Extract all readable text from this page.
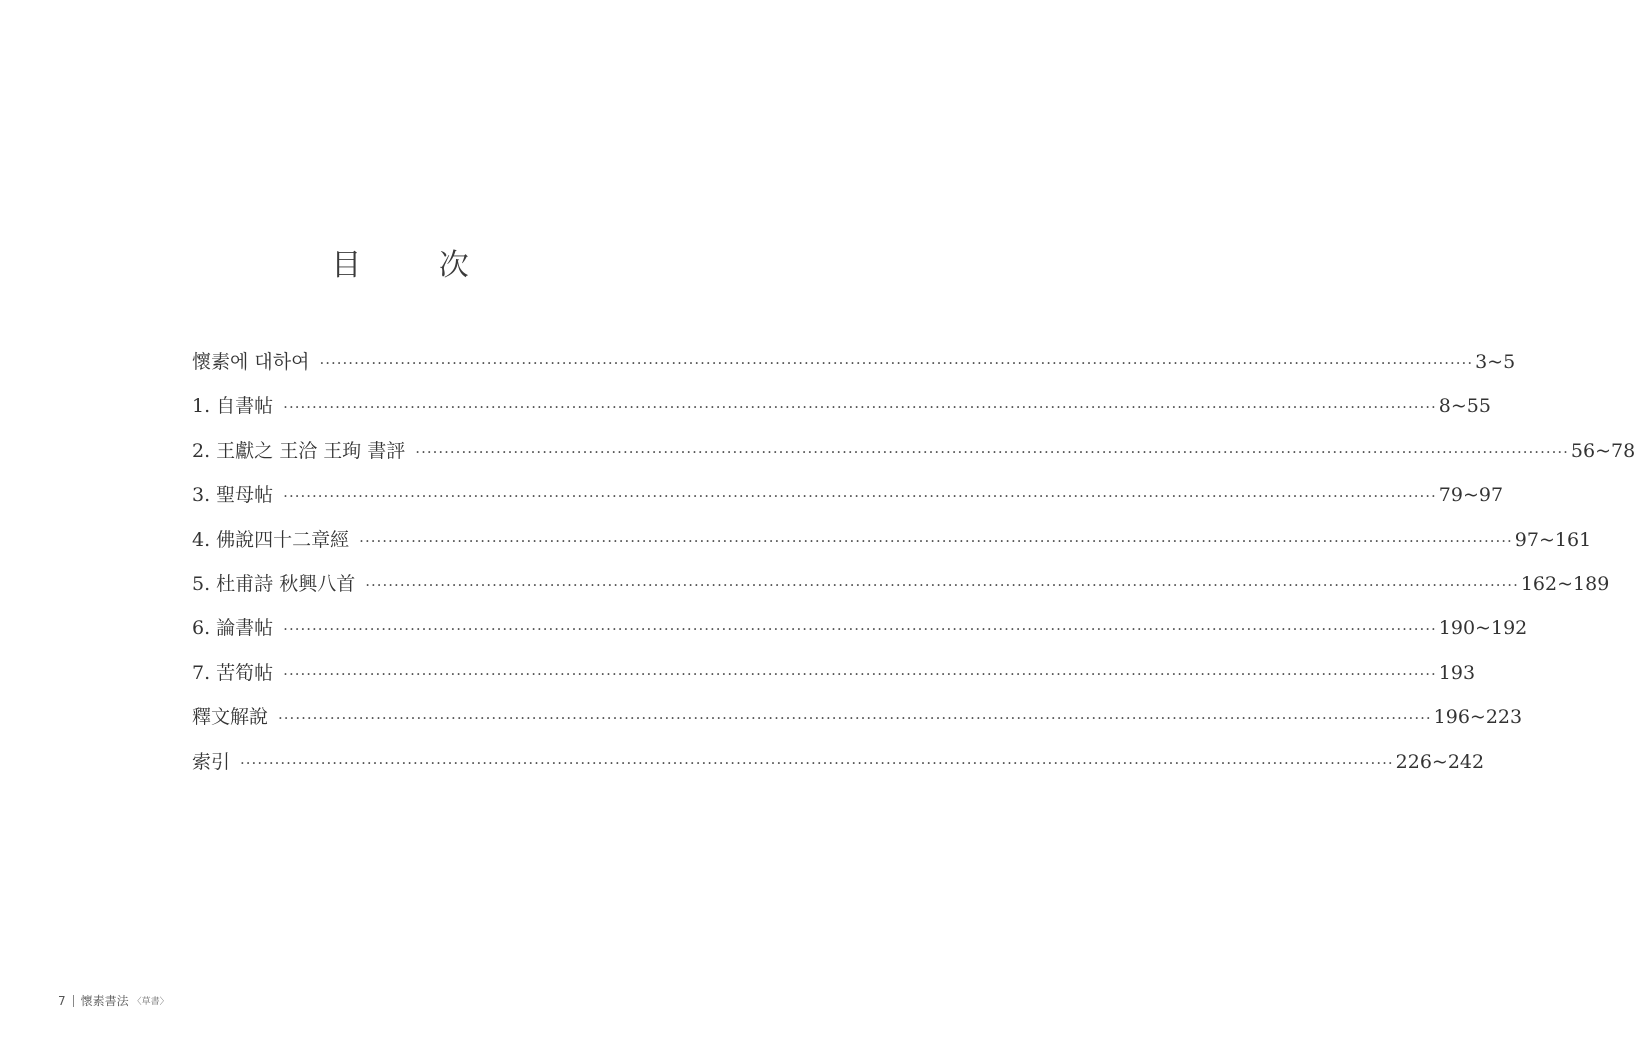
目 次
懷素에 대하여 ········································································································································································································ 3~5
1. 自書帖 ········································································································································································································ 8~55
2. 王獻之 王洽 王珣 書評 ········································································································································································································ 56~78
3. 聖母帖 ········································································································································································································ 79~97
4. 佛說四十二章經 ········································································································································································································ 97~161
5. 杜甫詩 秋興八首 ········································································································································································································ 162~189
6. 論書帖 ········································································································································································································ 190~192
7. 苦筍帖 ········································································································································································································ 193
釋文解說 ········································································································································································································ 196~223
索引 ········································································································································································································ 226~242
7 懷素書法 〈草書〉
